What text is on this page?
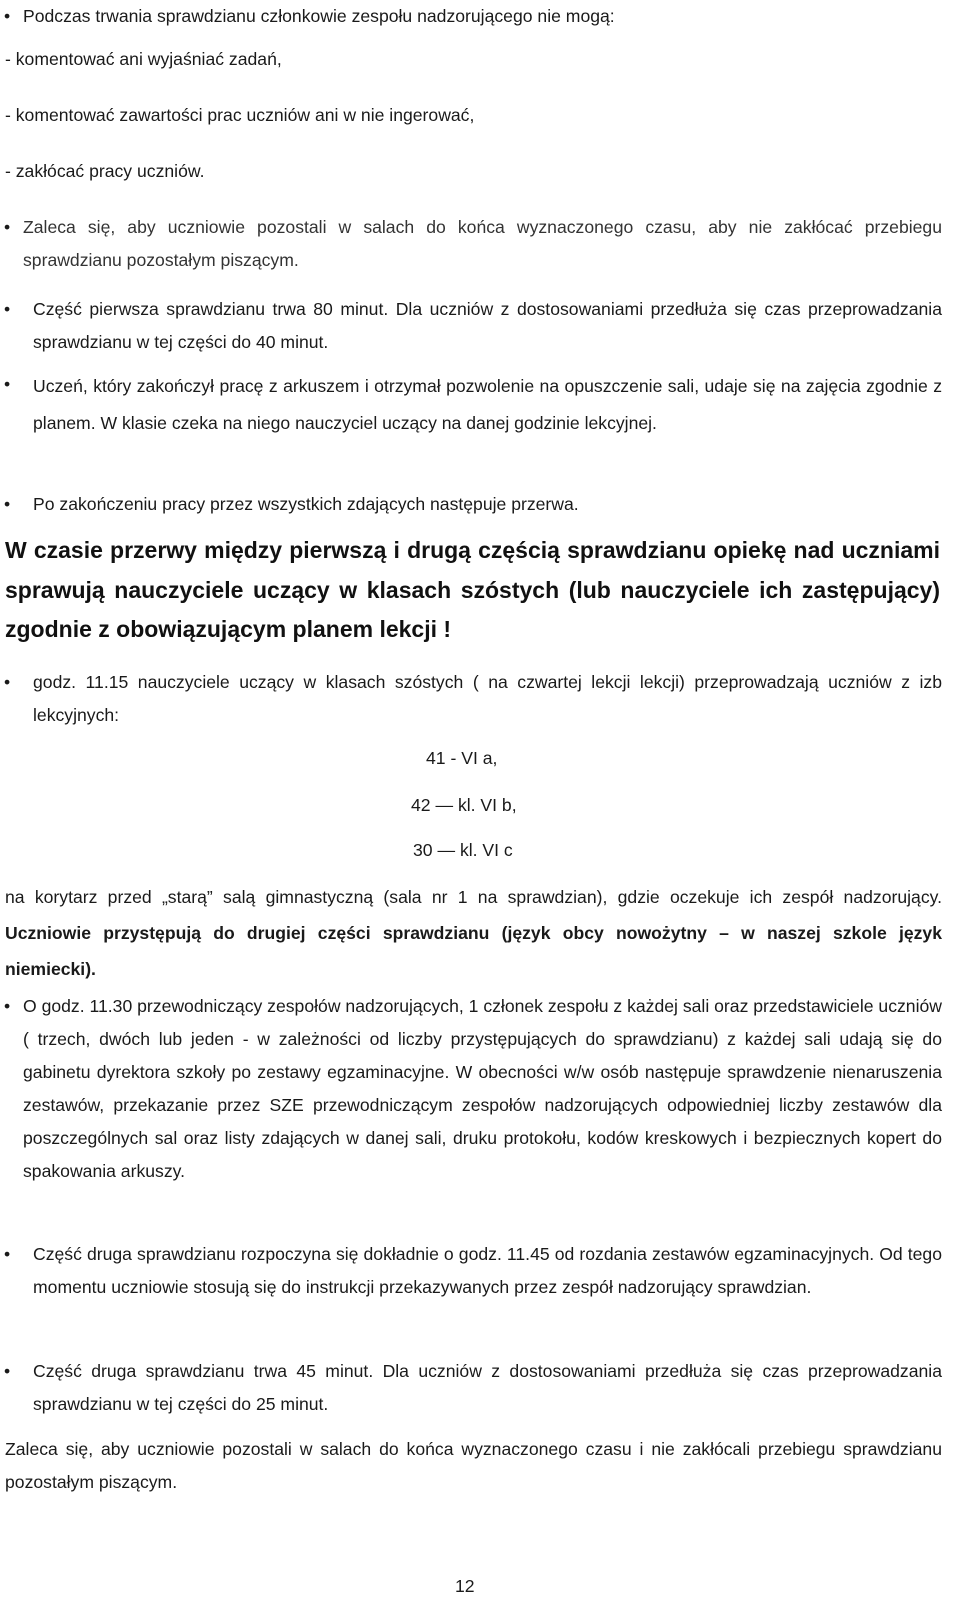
• Podczas trwania sprawdzianu członkowie zespołu nadzorującego nie mogą:

- komentować ani wyjaśniać zadań,

- komentować zawartości prac uczniów ani w nie ingerować,

- zakłócać pracy uczniów.

• Zaleca się, aby uczniowie pozostali w salach do końca wyznaczonego czasu, aby nie zakłócać przebiegu sprawdzianu pozostałym piszącym.

•	Część pierwsza sprawdzianu trwa 80 minut. Dla uczniów z dostosowaniami przedłuża się czas przeprowadzania sprawdzianu w tej części do 40 minut.

•	Uczeń, który zakończył pracę z arkuszem i otrzymał pozwolenie na opuszczenie sali, udaje się na zajęcia zgodnie z planem. W klasie czeka na niego nauczyciel uczący na danej godzinie lekcyjnej.

•	Po zakończeniu pracy przez wszystkich zdających następuje przerwa.

W czasie przerwy między pierwszą i drugą częścią sprawdzianu opiekę nad uczniami sprawują nauczyciele uczący w klasach szóstych (lub nauczyciele ich zastępujący) zgodnie z obowiązującym planem lekcji !

•	godz. 11.15 nauczyciele uczący w klasach szóstych ( na czwartej lekcji lekcji) przeprowadzają uczniów z izb lekcyjnych:

41 - VI a,

42 — kl. VI b,

30 — kl. VI c

na korytarz przed „starą” salą gimnastyczną (sala nr 1 na sprawdzian), gdzie oczekuje ich zespół nadzorujący. Uczniowie przystępują do drugiej części sprawdzianu (język obcy nowożytny – w naszej szkole język niemiecki).

• O godz. 11.30 przewodniczący zespołów nadzorujących, 1 członek zespołu z każdej sali oraz przedstawiciele uczniów ( trzech, dwóch lub jeden - w zależności od liczby przystępujących do sprawdzianu) z każdej sali udają się do gabinetu dyrektora szkoły po zestawy egzaminacyjne. W obecności w/w osób następuje sprawdzenie nienaruszenia zestawów, przekazanie przez SZE przewodniczącym zespołów nadzorujących odpowiedniej liczby zestawów dla poszczególnych sal oraz listy zdających w danej sali, druku protokołu, kodów kreskowych i bezpiecznych kopert do spakowania arkuszy.

•	Część druga sprawdzianu rozpoczyna się dokładnie o godz. 11.45 od rozdania zestawów egzaminacyjnych. Od tego momentu uczniowie stosują się do instrukcji przekazywanych przez zespół nadzorujący sprawdzian.

•	Część druga sprawdzianu trwa 45 minut. Dla uczniów z dostosowaniami przedłuża się czas przeprowadzania sprawdzianu w tej części do 25 minut.

Zaleca się, aby uczniowie pozostali w salach do końca wyznaczonego czasu i nie zakłócali przebiegu sprawdzianu pozostałym piszącym.

12
